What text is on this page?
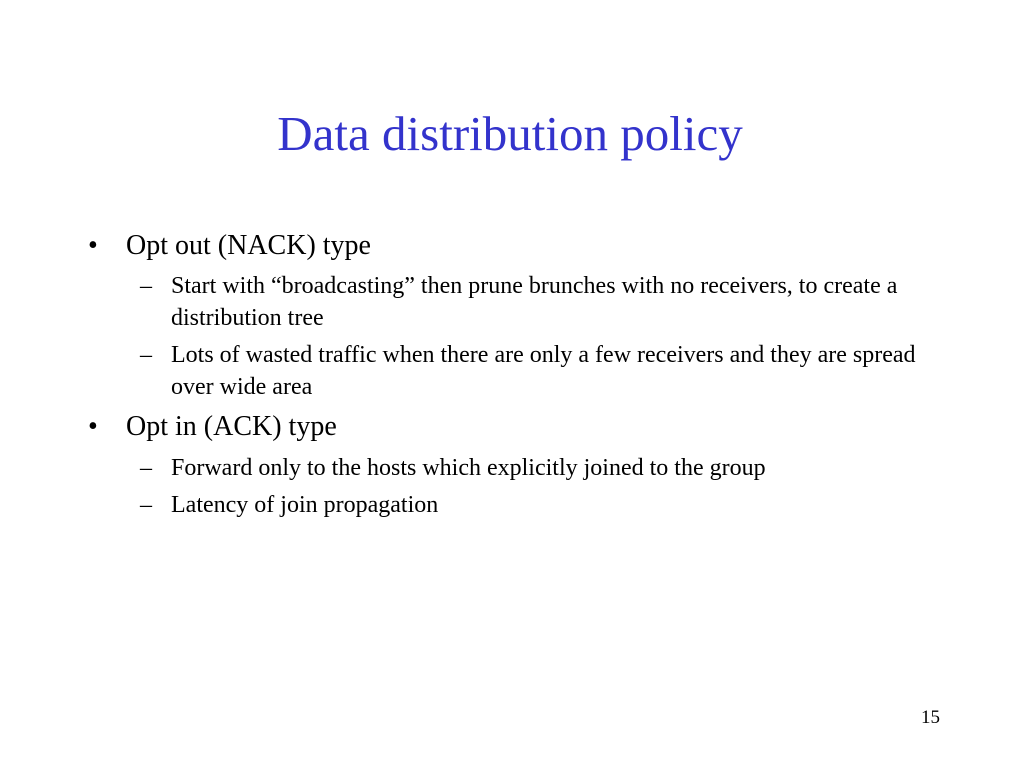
Data distribution policy
• Opt out (NACK) type
– Start with “broadcasting” then prune brunches with no receivers, to create a distribution tree
– Lots of wasted traffic when there are only a few receivers and they are spread over wide area
• Opt in (ACK) type
– Forward only to the hosts which explicitly joined to the group
– Latency of join propagation
15
